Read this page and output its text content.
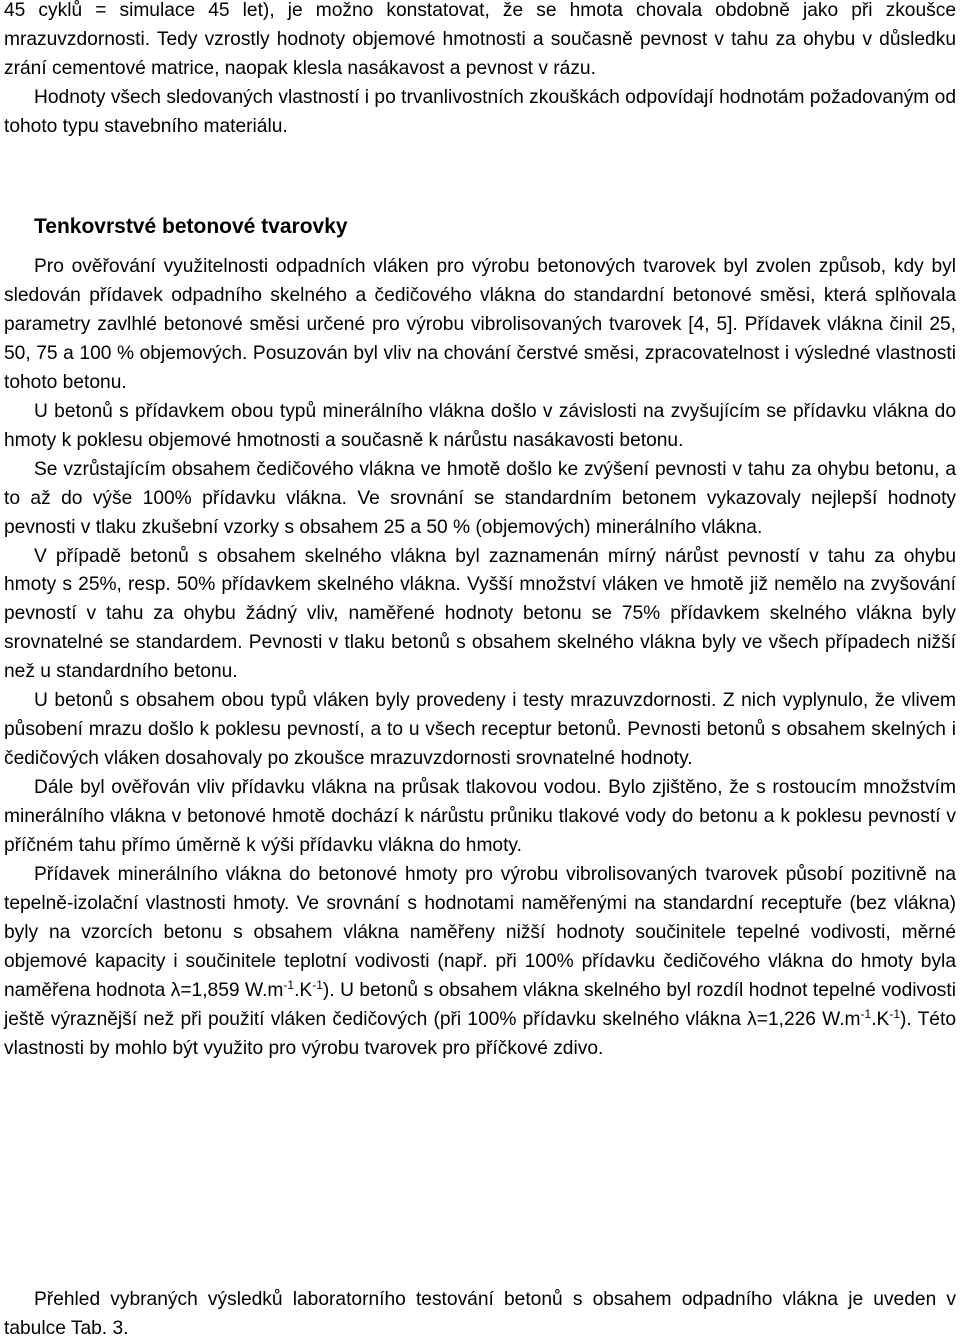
45 cyklů = simulace 45 let), je možno konstatovat, že se hmota chovala obdobně jako při zkoušce mrazuvzdornosti. Tedy vzrostly hodnoty objemové hmotnosti a současně pevnost v tahu za ohybu v důsledku zrání cementové matrice, naopak klesla nasákavost a pevnost v rázu.

Hodnoty všech sledovaných vlastností i po trvanlivostních zkouškách odpovídají hodnotám požadovaným od tohoto typu stavebního materiálu.

Tenkovrstvé betonové tvarovky

Pro ověřování využitelnosti odpadních vláken pro výrobu betonových tvarovek byl zvolen způsob, kdy byl sledován přídavek odpadního skelného a čedičového vlákna do standardní betonové směsi, která splňovala parametry zavlhlé betonové směsi určené pro výrobu vibrolisovaných tvarovek [4, 5]. Přídavek vlákna činil 25, 50, 75 a 100 % objemových. Posuzován byl vliv na chování čerstvé směsi, zpracovatelnost i výsledné vlastnosti tohoto betonu.

U betonů s přídavkem obou typů minerálního vlákna došlo v závislosti na zvyšujícím se přídavku vlákna do hmoty k poklesu objemové hmotnosti a současně k nárůstu nasákavosti betonu.

Se vzrůstajícím obsahem čedičového vlákna ve hmotě došlo ke zvýšení pevnosti v tahu za ohybu betonu, a to až do výše 100% přídavku vlákna. Ve srovnání se standardním betonem vykazovaly nejlepší hodnoty pevnosti v tlaku zkušební vzorky s obsahem 25 a 50 % (objemových) minerálního vlákna.

V případě betonů s obsahem skelného vlákna byl zaznamenán mírný nárůst pevností v tahu za ohybu hmoty s 25%, resp. 50% přídavkem skelného vlákna. Vyšší množství vláken ve hmotě již nemělo na zvyšování pevností v tahu za ohybu žádný vliv, naměřené hodnoty betonu se 75% přídavkem skelného vlákna byly srovnatelné se standardem. Pevnosti v tlaku betonů s obsahem skelného vlákna byly ve všech případech nižší než u standardního betonu.

U betonů s obsahem obou typů vláken byly provedeny i testy mrazuvzdornosti. Z nich vyplynulo, že vlivem působení mrazu došlo k poklesu pevností, a to u všech receptur betonů. Pevnosti betonů s obsahem skelných i čedičových vláken dosahovaly po zkoušce mrazuvzdornosti srovnatelné hodnoty.

Dále byl ověřován vliv přídavku vlákna na průsak tlakovou vodou. Bylo zjištěno, že s rostoucím množstvím minerálního vlákna v betonové hmotě dochází k nárůstu průniku tlakové vody do betonu a k poklesu pevností v příčném tahu přímo úměrně k výši přídavku vlákna do hmoty.

Přídavek minerálního vlákna do betonové hmoty pro výrobu vibrolisovaných tvarovek působí pozitivně na tepelně-izolační vlastnosti hmoty. Ve srovnání s hodnotami naměřenými na standardní receptuře (bez vlákna) byly na vzorcích betonu s obsahem vlákna naměřeny nižší hodnoty součinitele tepelné vodivosti, měrné objemové kapacity i součinitele teplotní vodivosti (např. při 100% přídavku čedičového vlákna do hmoty byla naměřena hodnota λ=1,859 $W.m^{-1}.K^{-1}$). U betonů s obsahem vlákna skelného byl rozdíl hodnot tepelné vodivosti ještě výraznější než při použití vláken čedičových (při 100% přídavku skelného vlákna λ=1,226 $W.m^{-1}.K^{-1}$). Této vlastnosti by mohlo být využito pro výrobu tvarovek pro příčkové zdivo.

Přehled vybraných výsledků laboratorního testování betonů s obsahem odpadního vlákna je uveden v tabulce Tab. 3.
